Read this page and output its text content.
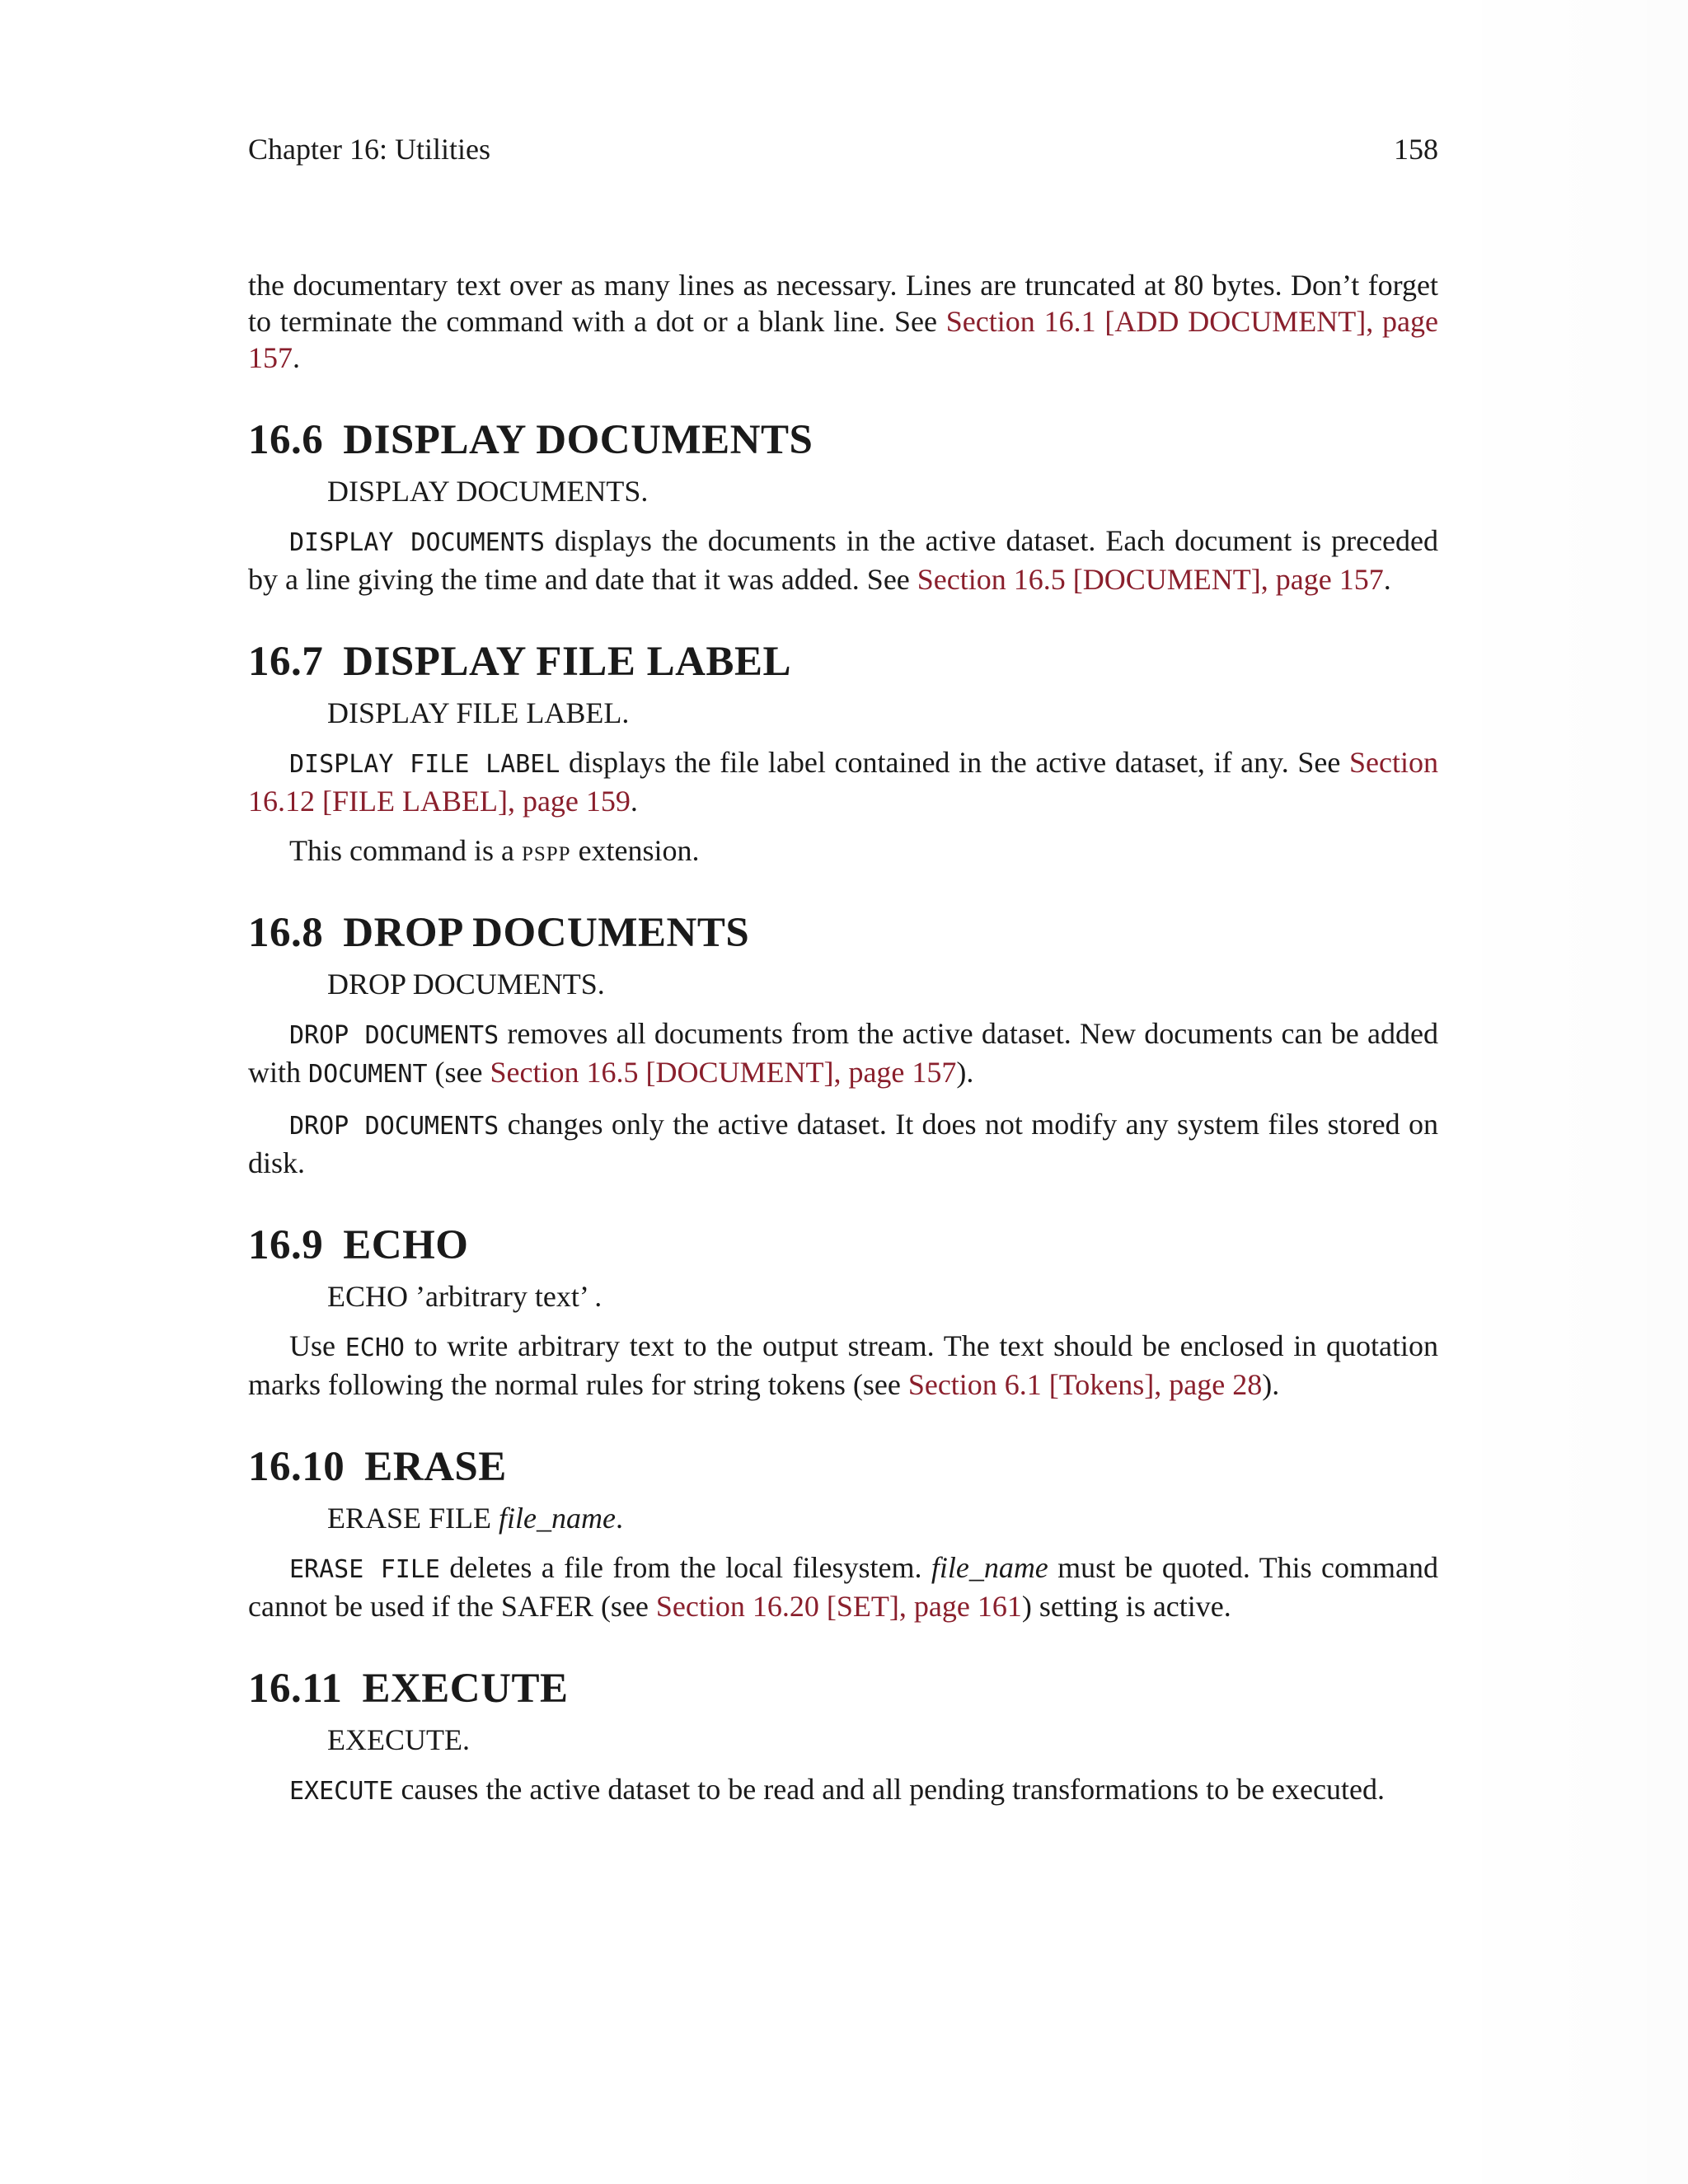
Chapter 16: Utilities	158

the documentary text over as many lines as necessary. Lines are truncated at 80 bytes. Don’t forget to terminate the command with a dot or a blank line. See Section 16.1 [ADD DOCUMENT], page 157.

16.6 DISPLAY DOCUMENTS
DISPLAY DOCUMENTS.

DISPLAY DOCUMENTS displays the documents in the active dataset. Each document is preceded by a line giving the time and date that it was added. See Section 16.5 [DOCUMENT], page 157.

16.7 DISPLAY FILE LABEL
DISPLAY FILE LABEL.

DISPLAY FILE LABEL displays the file label contained in the active dataset, if any. See Section 16.12 [FILE LABEL], page 159.

This command is a pspp extension.

16.8 DROP DOCUMENTS
DROP DOCUMENTS.

DROP DOCUMENTS removes all documents from the active dataset. New documents can be added with DOCUMENT (see Section 16.5 [DOCUMENT], page 157).

DROP DOCUMENTS changes only the active dataset. It does not modify any system files stored on disk.

16.9 ECHO
ECHO ’arbitrary text’ .

Use ECHO to write arbitrary text to the output stream. The text should be enclosed in quotation marks following the normal rules for string tokens (see Section 6.1 [Tokens], page 28).

16.10 ERASE
ERASE FILE file_name.

ERASE FILE deletes a file from the local filesystem. file_name must be quoted. This command cannot be used if the SAFER (see Section 16.20 [SET], page 161) setting is active.

16.11 EXECUTE
EXECUTE.

EXECUTE causes the active dataset to be read and all pending transformations to be executed.
